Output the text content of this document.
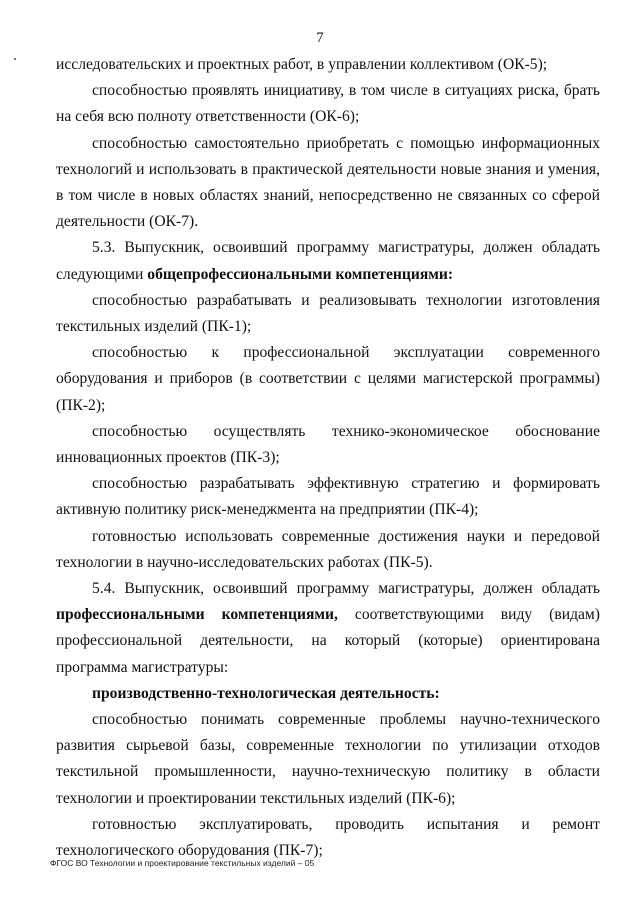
7

исследовательских и проектных работ, в управлении коллективом (ОК-5);

способностью проявлять инициативу, в том числе в ситуациях риска, брать на себя всю полноту ответственности (ОК-6);

способностью самостоятельно приобретать с помощью информационных технологий и использовать в практической деятельности новые знания и умения, в том числе в новых областях знаний, непосредственно не связанных со сферой деятельности (ОК-7).

5.3. Выпускник, освоивший программу магистратуры, должен обладать следующими общепрофессиональными компетенциями:

способностью разрабатывать и реализовывать технологии изготовления текстильных изделий (ПК-1);

способностью к профессиональной эксплуатации современного оборудования и приборов (в соответствии с целями магистерской программы) (ПК-2);

способностью осуществлять технико-экономическое обоснование инновационных проектов (ПК-3);

способностью разрабатывать эффективную стратегию и формировать активную политику риск-менеджмента на предприятии (ПК-4);

готовностью использовать современные достижения науки и передовой технологии в научно-исследовательских работах (ПК-5).

5.4. Выпускник, освоивший программу магистратуры, должен обладать профессиональными компетенциями, соответствующими виду (видам) профессиональной деятельности, на который (которые) ориентирована программа магистратуры:

производственно-технологическая деятельность:

способностью понимать современные проблемы научно-технического развития сырьевой базы, современные технологии по утилизации отходов текстильной промышленности, научно-техническую политику в области технологии и проектировании текстильных изделий (ПК-6);

готовностью эксплуатировать, проводить испытания и ремонт технологического оборудования (ПК-7);

ФГОС ВО Технологии и проектирование текстильных изделий – 05
